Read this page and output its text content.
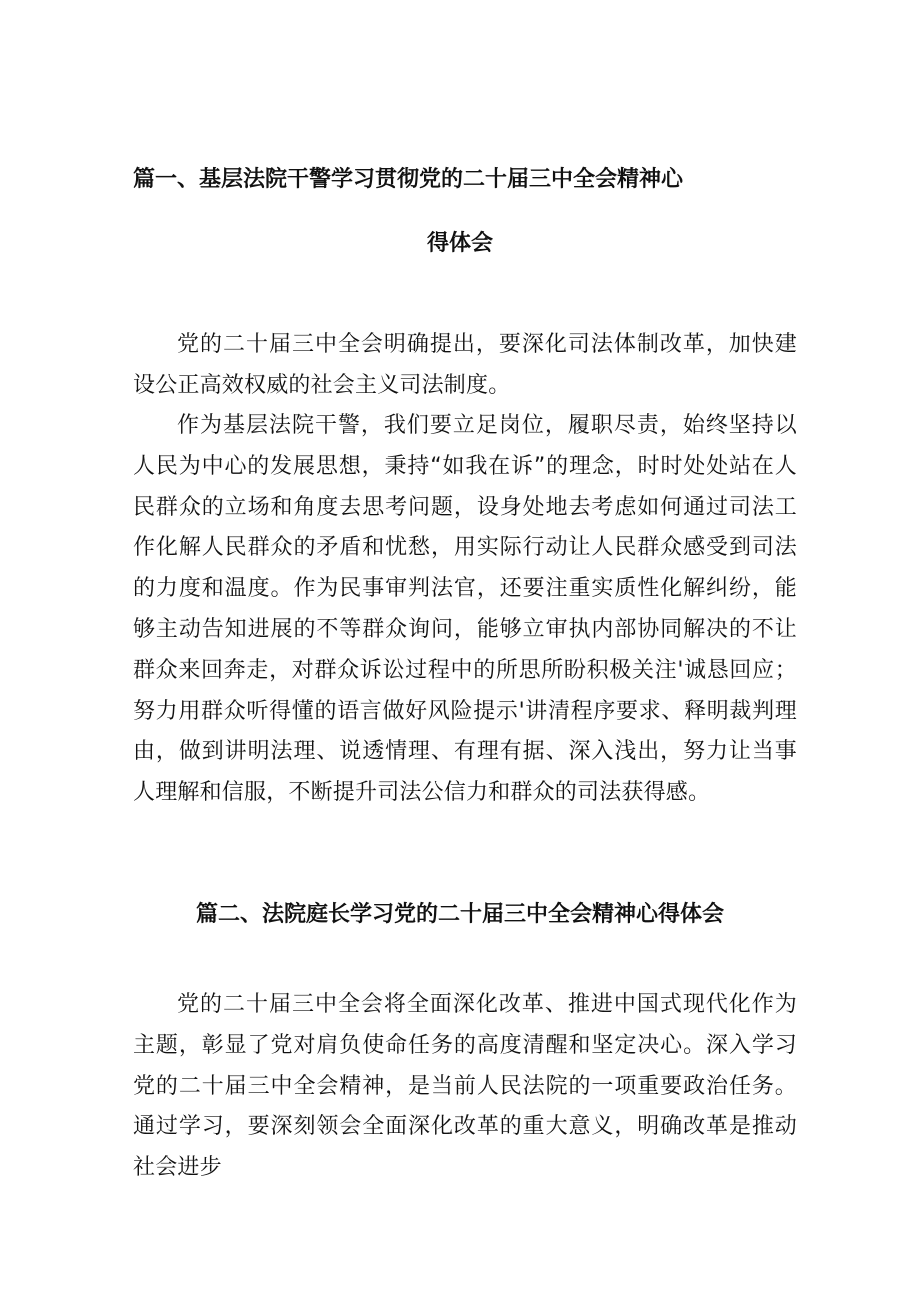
篇一、基层法院干警学习贯彻党的二十届三中全会精神心
得体会

党的二十届三中全会明确提出，要深化司法体制改革，加快建设公正高效权威的社会主义司法制度。

作为基层法院干警，我们要立足岗位，履职尽责，始终坚持以人民为中心的发展思想，秉持“如我在诉”的理念，时时处处站在人民群众的立场和角度去思考问题，设身处地去考虑如何通过司法工作化解人民群众的矛盾和忧愁，用实际行动让人民群众感受到司法的力度和温度。作为民事审判法官，还要注重实质性化解纠纷，能够主动告知进展的不等群众询问，能够立审执内部协同解决的不让群众来回奔走，对群众诉讼过程中的所思所盼积极关注'诚恳回应；努力用群众听得懂的语言做好风险提示'讲清程序要求、释明裁判理由，做到讲明法理、说透情理、有理有据、深入浅出，努力让当事人理解和信服，不断提升司法公信力和群众的司法获得感。

篇二、法院庭长学习党的二十届三中全会精神心得体会

党的二十届三中全会将全面深化改革、推进中国式现代化作为主题，彰显了党对肩负使命任务的高度清醒和坚定决心。深入学习党的二十届三中全会精神，是当前人民法院的一项重要政治任务。通过学习，要深刻领会全面深化改革的重大意义，明确改革是推动社会进步
